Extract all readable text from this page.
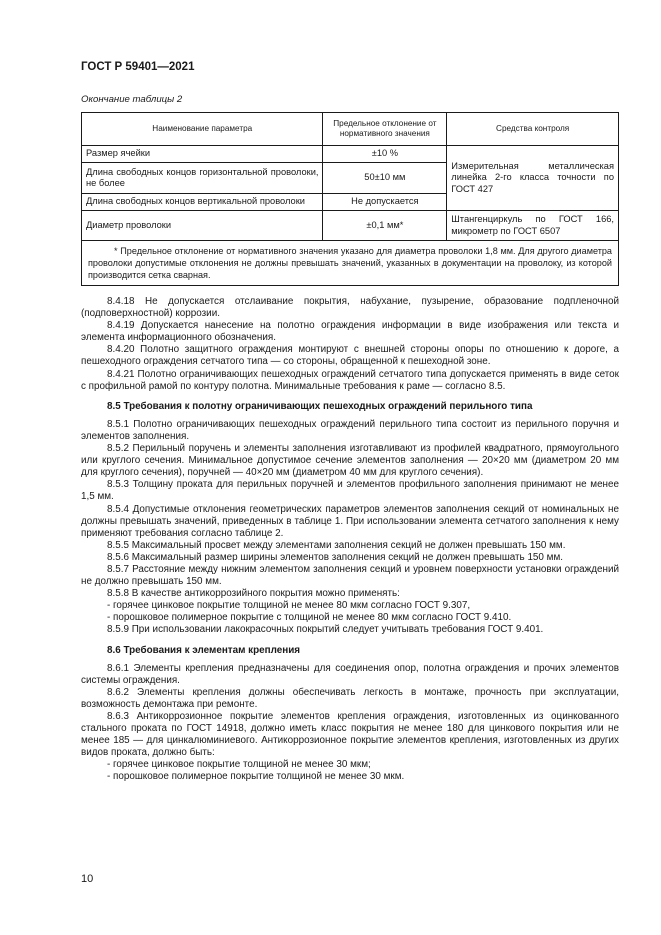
ГОСТ Р 59401—2021
Окончание таблицы 2
Наименование параметра	Предельное отклонение от нормативного значения	Средства контроля
Размер ячейки	±10 %	Измерительная металлическая линейка 2-го класса точности по ГОСТ 427
Длина свободных концов горизонтальной проволоки, не более	50±10 мм	
Длина свободных концов вертикальной проволоки	Не допускается	
Диаметр проволоки	±0,1 мм*	Штангенциркуль по ГОСТ 166, микрометр по ГОСТ 6507
* Предельное отклонение от нормативного значения указано для диаметра проволоки 1,8 мм. Для другого диаметра проволоки допустимые отклонения не должны превышать значений, указанных в документации на проволоку, из которой производится сетка сварная.		

8.4.18 Не допускается отслаивание покрытия, набухание, пузырение, образование подпленочной (подповерхностной) коррозии.

8.4.19 Допускается нанесение на полотно ограждения информации в виде изображения или текста и элемента информационного обозначения.

8.4.20 Полотно защитного ограждения монтируют с внешней стороны опоры по отношению к дороге, а пешеходного ограждения сетчатого типа — со стороны, обращенной к пешеходной зоне.

8.4.21 Полотно ограничивающих пешеходных ограждений сетчатого типа допускается применять в виде сеток с профильной рамой по контуру полотна. Минимальные требования к раме — согласно 8.5.

8.5 Требования к полотну ограничивающих пешеходных ограждений перильного типа

8.5.1 Полотно ограничивающих пешеходных ограждений перильного типа состоит из перильного поручня и элементов заполнения.

8.5.2 Перильный поручень и элементы заполнения изготавливают из профилей квадратного, прямоугольного или круглого сечения. Минимальное допустимое сечение элементов заполнения — 20×20 мм (диаметром 20 мм для круглого сечения), поручней — 40×20 мм (диаметром 40 мм для круглого сечения).

8.5.3 Толщину проката для перильных поручней и элементов профильного заполнения принимают не менее 1,5 мм.

8.5.4 Допустимые отклонения геометрических параметров элементов заполнения секций от номинальных не должны превышать значений, приведенных в таблице 1. При использовании элемента сетчатого заполнения к нему применяют требования согласно таблице 2.

8.5.5 Максимальный просвет между элементами заполнения секций не должен превышать 150 мм.

8.5.6 Максимальный размер ширины элементов заполнения секций не должен превышать 150 мм.

8.5.7 Расстояние между нижним элементом заполнения секций и уровнем поверхности установки ограждений не должно превышать 150 мм.

8.5.8 В качестве антикоррозийного покрытия можно применять:

- горячее цинковое покрытие толщиной не менее 80 мкм согласно ГОСТ 9.307,

- порошковое полимерное покрытие с толщиной не менее 80 мкм согласно ГОСТ 9.410.

8.5.9 При использовании лакокрасочных покрытий следует учитывать требования ГОСТ 9.401.

8.6 Требования к элементам крепления

8.6.1 Элементы крепления предназначены для соединения опор, полотна ограждения и прочих элементов системы ограждения.

8.6.2 Элементы крепления должны обеспечивать легкость в монтаже, прочность при эксплуатации, возможность демонтажа при ремонте.

8.6.3 Антикоррозионное покрытие элементов крепления ограждения, изготовленных из оцинкованного стального проката по ГОСТ 14918, должно иметь класс покрытия не менее 180 для цинкового покрытия или не менее 185 — для цинкалюминиевого. Антикоррозионное покрытие элементов крепления, изготовленных из других видов проката, должно быть:

- горячее цинковое покрытие толщиной не менее 30 мкм;

- порошковое полимерное покрытие толщиной не менее 30 мкм.

10
